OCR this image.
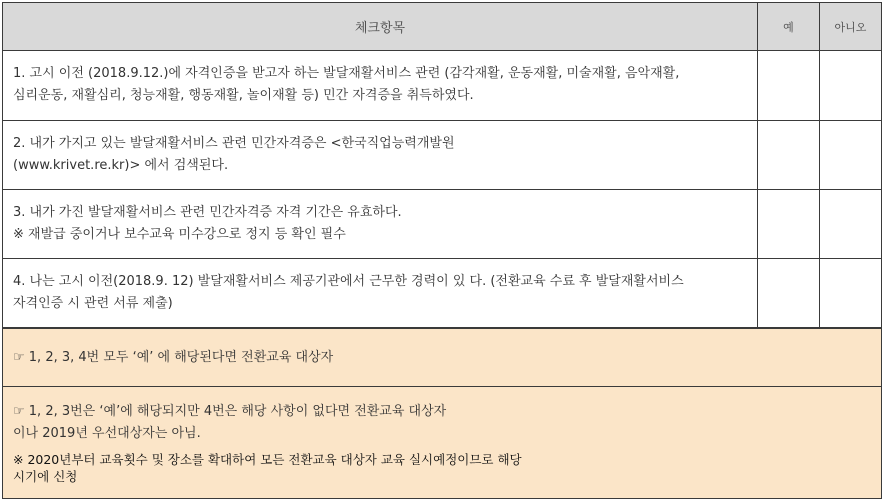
체크항목	예	아니오
1. 고시 이전 (2018.9.12.)에 자격인증을 받고자 하는 발달재활서비스 관련 (감각재활, 운동재활, 미술재활, 음악재활,
심리운동, 재활심리, 청능재활, 행동재활, 놀이재활 등) 민간 자격증을 취득하였다.
2. 내가 가지고 있는 발달재활서비스 관련 민간자격증은 <한국직업능력개발원
(www.krivet.re.kr)> 에서 검색된다.
3. 내가 가진 발달재활서비스 관련 민간자격증 자격 기간은 유효하다.
※ 재발급 중이거나 보수교육 미수강으로 정지 등 확인 필수
4. 나는 고시 이전(2018.9. 12) 발달재활서비스 제공기관에서 근무한 경력이 있 다. (전환교육 수료 후 발달재활서비스
자격인증 시 관련 서류 제출)
☞ 1, 2, 3, 4번 모두 ‘예’ 에 해당된다면 전환교육 대상자
☞ 1, 2, 3번은 ‘예’에 해당되지만 4번은 해당 사항이 없다면 전환교육 대상자
이나 2019년 우선대상자는 아님.
※ 2020년부터 교육횟수 및 장소를 확대하여 모든 전환교육 대상자 교육 실시예정이므로 해당
시기에 신청
